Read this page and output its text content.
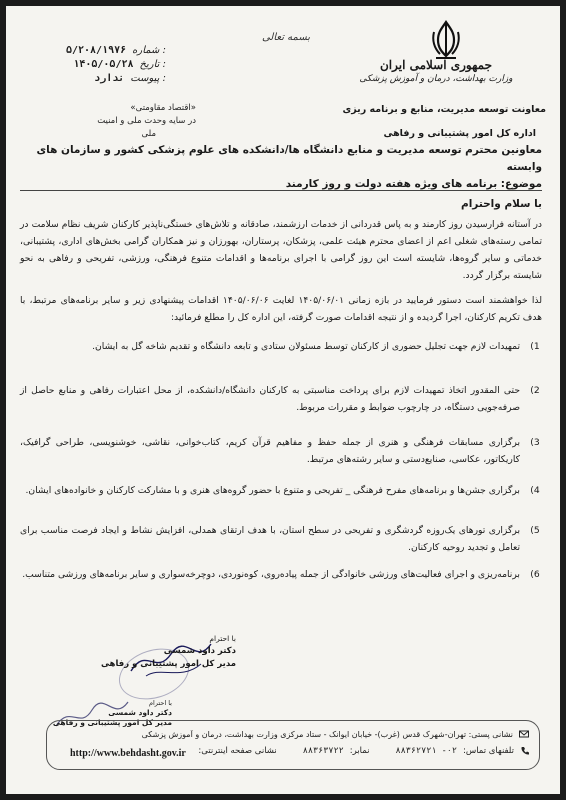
جمهوری اسلامی ایران
وزارت بهداشت، درمان و آموزش پزشکی
معاونت توسعه مدیریت، منابع و برنامه ریزی
اداره کل امور پشتیبانی و رفاهی
بسمه تعالی
۵/۲۰۸/۱۹۷۶ شماره :
۱۴۰۵/۰۵/۲۸ تاریخ :
ندارد پیوست :
«اقتصاد مقاومتی»
در سایه وحدت ملی و امنیت
ملی
معاونین محترم توسعه مدیریت و منابع دانشگاه ها/دانشکده های علوم پزشکی کشور و سازمان های وابسته
موضوع: برنامه های ویژه هفته دولت و روز کارمند
با سلام واحترام
در آستانه فرارسیدن روز کارمند و به پاس قدردانی از خدمات ارزشمند، صادقانه و تلاش‌های خستگی‌ناپذیر کارکنان شریف نظام سلامت در تمامی رسته‌های شغلی اعم از اعضای محترم هیئت علمی، پزشکان، پرستاران، بهورزان و نیز همکاران گرامی بخش‌های اداری، پشتیبانی، خدماتی و سایر گروه‌ها، شایسته است این روز گرامی با اجرای برنامه‌ها و اقدامات متنوع فرهنگی، ورزشی، تفریحی و رفاهی به نحو شایسته برگزار گردد.
لذا خواهشمند است دستور فرمایید در بازه زمانی ۱۴۰۵/۰۶/۰۱ لغایت ۱۴۰۵/۰۶/۰۶ اقدامات پیشنهادی زیر و سایر برنامه‌های مرتبط، با هدف تکریم کارکنان، اجرا گردیده و از نتیجه اقدامات صورت گرفته، این اداره کل را مطلع فرمائید:
1)
تمهیدات لازم جهت تجلیل حضوری از کارکنان توسط مسئولان ستادی و تابعه دانشگاه و تقدیم شاخه گل به ایشان.
2)
حتی المقدور اتخاذ تمهیدات لازم برای پرداخت مناسبتی به کارکنان دانشگاه/دانشکده، از محل اعتبارات رفاهی و منابع حاصل از صرفه‌جویی دستگاه، در چارچوب ضوابط و مقررات مربوط.
3)
برگزاری مسابقات فرهنگی و هنری از جمله حفظ و مفاهیم قرآن کریم، کتاب‌خوانی، نقاشی، خوشنویسی، طراحی گرافیک، کاریکاتور، عکاسی، صنایع‌دستی و سایر رشته‌های مرتبط.
4)
برگزاری جشن‌ها و برنامه‌های مفرح فرهنگی _ تفریحی و متنوع با حضور گروه‌های هنری و با مشارکت کارکنان و خانواده‌های ایشان.
5)
برگزاری تورهای یک‌روزه گردشگری و تفریحی در سطح استان، با هدف ارتقای همدلی، افزایش نشاط و ایجاد فرصت مناسب برای تعامل و تجدید روحیه کارکنان.
6)
برنامه‌ریزی و اجرای فعالیت‌های ورزشی خانوادگی از جمله پیاده‌روی، کوه‌نوردی، دوچرخه‌سواری و سایر برنامه‌های ورزشی متناسب.
با احترام
دکتر داود شمسی
مدیر کل امور پشتیبانی و رفاهی
با احترام
دکتر داود شمسی
مدیر کل امور پشتیبانی و رفاهی
نشانی پستی: تهران-شهرک قدس (غرب)- خیابان ایوانک - ستاد مرکزی وزارت بهداشت، درمان و آموزش پزشکی
تلفنهای تماس:
۰۲- ۸۸۳۶۲۷۲۱
نمابر:
۸۸۳۶۳۷۲۲
نشانی صفحه اینترنتی:
http://www.behdasht.gov.ir
